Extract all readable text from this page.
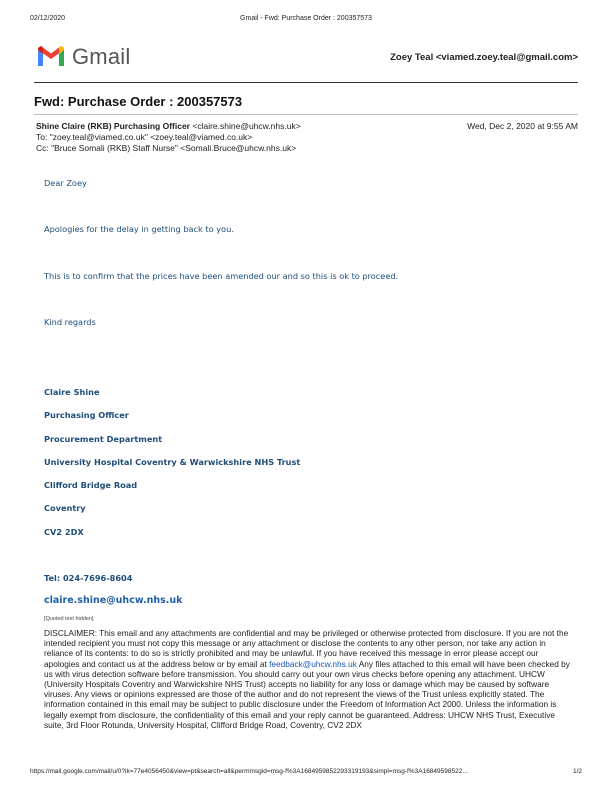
02/12/2020	Gmail - Fwd: Purchase Order : 200357573
Gmail	Zoey Teal <viamed.zoey.teal@gmail.com>
Fwd: Purchase Order : 200357573
Shine Claire (RKB) Purchasing Officer <claire.shine@uhcw.nhs.uk>	Wed, Dec 2, 2020 at 9:55 AM
To: "zoey.teal@viamed.co.uk" <zoey.teal@viamed.co.uk>
Cc: "Bruce Somali (RKB) Staff Nurse" <Somali.Bruce@uhcw.nhs.uk>
Dear Zoey
Apologies for the delay in getting back to you.
This is to confirm that the prices have been amended our and so this is ok to proceed.
Kind regards
Claire Shine
Purchasing Officer
Procurement Department
University Hospital Coventry & Warwickshire NHS Trust
Clifford Bridge Road
Coventry
CV2 2DX
Tel: 024-7696-8604
claire.shine@uhcw.nhs.uk
[Quoted text hidden]
DISCLAIMER: This email and any attachments are confidential and may be privileged or otherwise protected from disclosure. If you are not the intended recipient you must not copy this message or any attachment or disclose the contents to any other person, nor take any action in reliance of its contents: to do so is strictly prohibited and may be unlawful. If you have received this message in error please accept our apologies and contact us at the address below or by email at feedback@uhcw.nhs.uk Any files attached to this email will have been checked by us with virus detection software before transmission. You should carry out your own virus checks before opening any attachment. UHCW (University Hospitals Coventry and Warwickshire NHS Trust) accepts no liability for any loss or damage which may be caused by software viruses. Any views or opinions expressed are those of the author and do not represent the views of the Trust unless explicitly stated. The information contained in this email may be subject to public disclosure under the Freedom of Information Act 2000. Unless the information is legally exempt from disclosure, the confidentiality of this email and your reply cannot be guaranteed. Address: UHCW NHS Trust, Executive suite, 3rd Floor Rotunda, University Hospital, Clifford Bridge Road, Coventry, CV2 2DX
https://mail.google.com/mail/u/0?ik=77e4056450&view=pt&search=all&permmsgid=msg-f%3A1684959852293319193&simpl=msg-f%3A16849598522...	1/2
